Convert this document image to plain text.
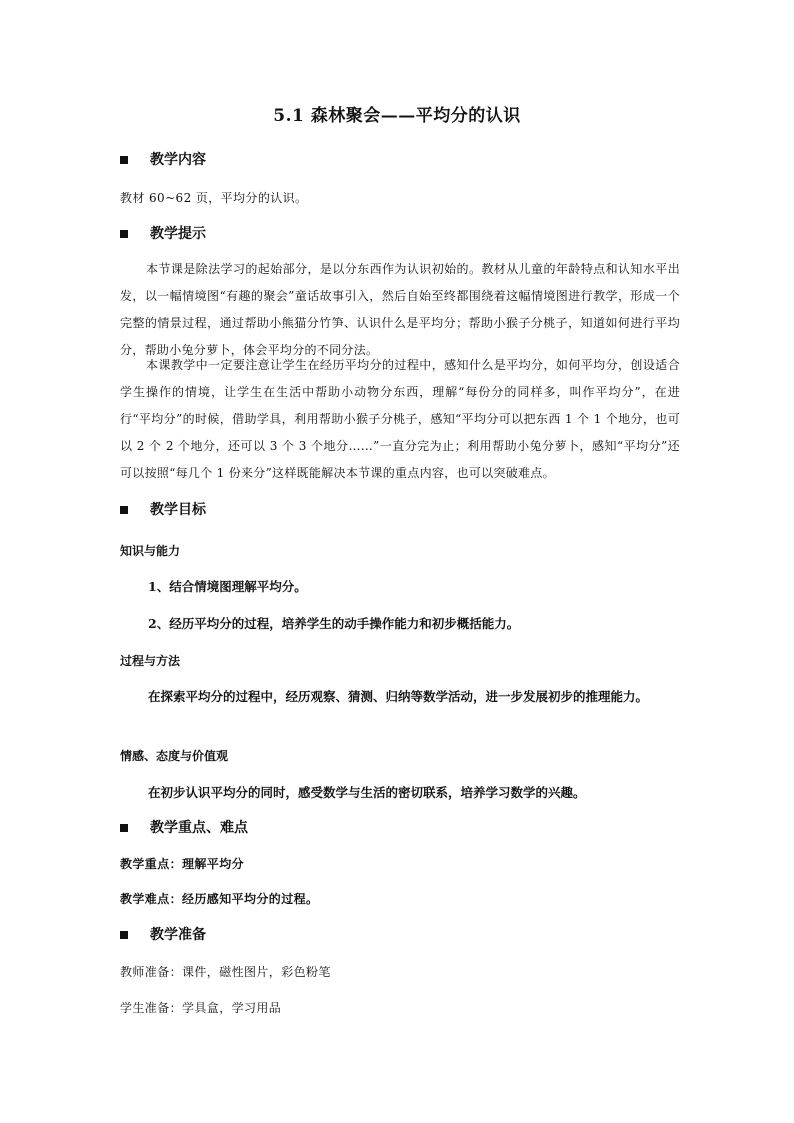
5.1 森林聚会——平均分的认识
教学内容
教材 60~62 页，平均分的认识。
教学提示
本节课是除法学习的起始部分，是以分东西作为认识初始的。教材从儿童的年龄特点和认知水平出发，以一幅情境图“有趣的聚会”童话故事引入，然后自始至终都围绕着这幅情境图进行教学，形成一个完整的情景过程，通过帮助小熊猫分竹笋、认识什么是平均分；帮助小猴子分桃子，知道如何进行平均分，帮助小兔分萝卜，体会平均分的不同分法。
本课教学中一定要注意让学生在经历平均分的过程中，感知什么是平均分，如何平均分，创设适合学生操作的情境，让学生在生活中帮助小动物分东西，理解“每份分的同样多，叫作平均分”，在进行“平均分”的时候，借助学具，利用帮助小猴子分桃子，感知“平均分可以把东西 1 个 1 个地分，也可以 2 个 2 个地分，还可以 3 个 3 个地分……”一直分完为止；利用帮助小兔分萝卜，感知“平均分”还可以按照“每几个 1 份来分”这样既能解决本节课的重点内容，也可以突破难点。
教学目标
知识与能力
1、结合情境图理解平均分。
2、经历平均分的过程，培养学生的动手操作能力和初步概括能力。
过程与方法
在探索平均分的过程中，经历观察、猜测、归纳等数学活动，进一步发展初步的推理能力。
情感、态度与价值观
在初步认识平均分的同时，感受数学与生活的密切联系，培养学习数学的兴趣。
教学重点、难点
教学重点：理解平均分
教学难点：经历感知平均分的过程。
教学准备
教师准备：课件，磁性图片，彩色粉笔
学生准备：学具盒，学习用品
